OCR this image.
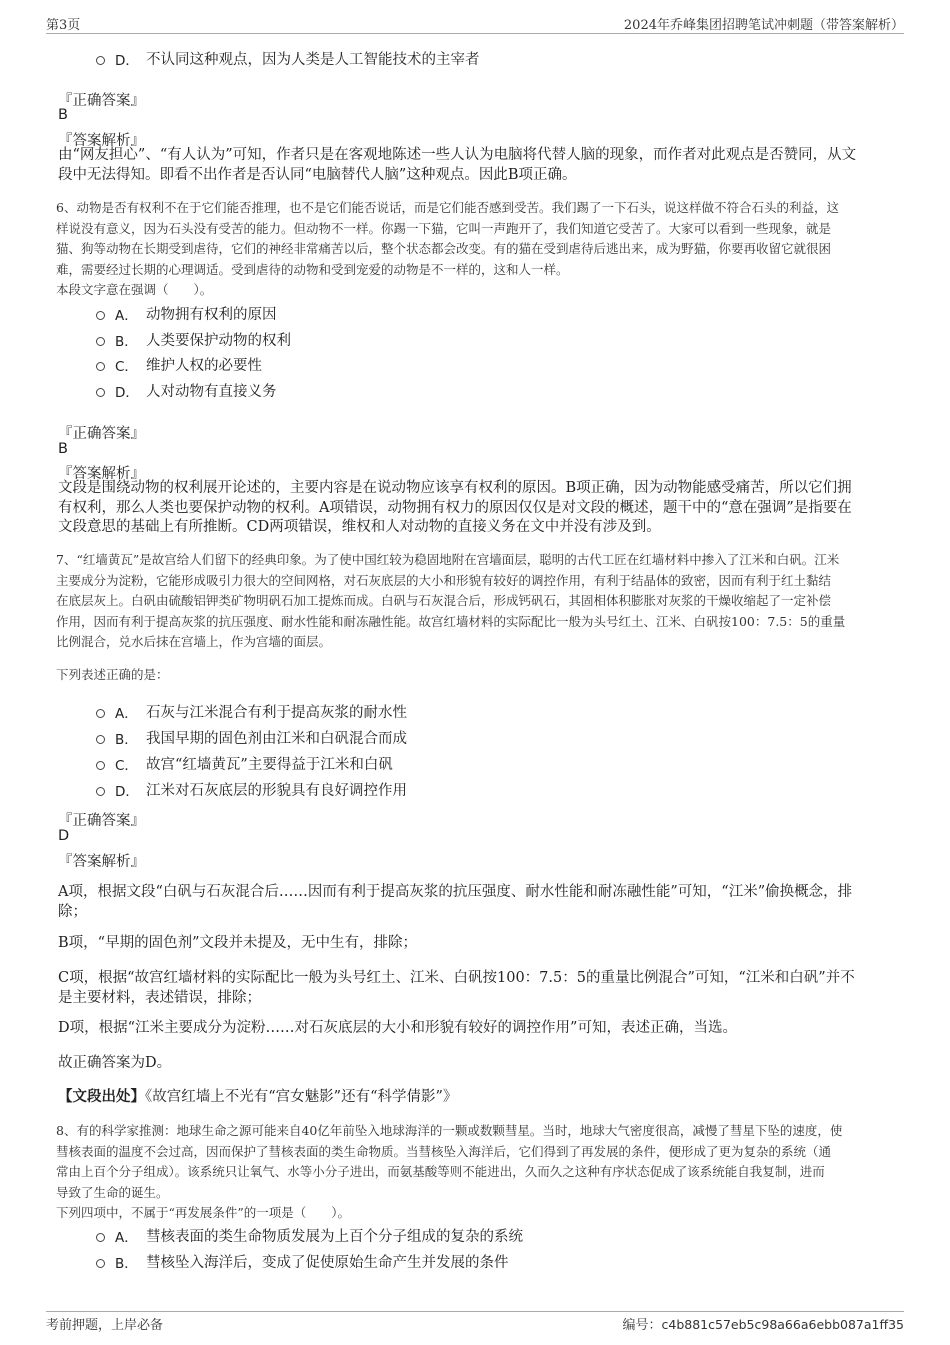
第3页	2024年乔峰集团招聘笔试冲刺题（带答案解析）
D． 不认同这种观点，因为人类是人工智能技术的主宰者
『正确答案』
B
『答案解析』
由“网友担心”、“有人认为”可知，作者只是在客观地陈述一些人认为电脑将代替人脑的现象，而作者对此观点是否赞同，从文
段中无法得知。即看不出作者是否认同“电脑替代人脑”这种观点。因此B项正确。
6、动物是否有权利不在于它们能否推理，也不是它们能否说话，而是它们能否感到受苦。我们踢了一下石头，说这样做不符合石头的利益，这
样说没有意义，因为石头没有受苦的能力。但动物不一样。你踢一下猫，它叫一声跑开了，我们知道它受苦了。大家可以看到一些现象，就是
猫、狗等动物在长期受到虐待，它们的神经非常痛苦以后，整个状态都会改变。有的猫在受到虐待后逃出来，成为野猫，你要再收留它就很困
难，需要经过长期的心理调适。受到虐待的动物和受到宠爱的动物是不一样的，这和人一样。
本段文字意在强调（　　）。
A． 动物拥有权利的原因
B． 人类要保护动物的权利
C． 维护人权的必要性
D． 人对动物有直接义务
『正确答案』
B
『答案解析』
文段是围绕动物的权利展开论述的，主要内容是在说动物应该享有权利的原因。B项正确，因为动物能感受痛苦，所以它们拥
有权利，那么人类也要保护动物的权利。A项错误，动物拥有权力的原因仅仅是对文段的概述，题干中的“意在强调”是指要在
文段意思的基础上有所推断。CD两项错误，维权和人对动物的直接义务在文中并没有涉及到。
7、“红墙黄瓦”是故宫给人们留下的经典印象。为了使中国红较为稳固地附在宫墙面层，聪明的古代工匠在红墙材料中掺入了江米和白矾。江米
主要成分为淀粉，它能形成吸引力很大的空间网格，对石灰底层的大小和形貌有较好的调控作用，有利于结晶体的致密，因而有利于红土黏结
在底层灰上。白矾由硫酸铝钾类矿物明矾石加工提炼而成。白矾与石灰混合后，形成钙矾石，其固相体积膨胀对灰浆的干燥收缩起了一定补偿
作用，因而有利于提高灰浆的抗压强度、耐水性能和耐冻融性能。故宫红墙材料的实际配比一般为头号红土、江米、白矾按100：7.5：5的重量
比例混合，兑水后抹在宫墙上，作为宫墙的面层。
下列表述正确的是：
A． 石灰与江米混合有利于提高灰浆的耐水性
B． 我国早期的固色剂由江米和白矾混合而成
C． 故宫“红墙黄瓦”主要得益于江米和白矾
D． 江米对石灰底层的形貌具有良好调控作用
『正确答案』
D
『答案解析』
A项，根据文段“白矾与石灰混合后……因而有利于提高灰浆的抗压强度、耐水性能和耐冻融性能”可知，“江米”偷换概念，排
除；
B项，“早期的固色剂”文段并未提及，无中生有，排除；
C项，根据“故宫红墙材料的实际配比一般为头号红土、江米、白矾按100：7.5：5的重量比例混合”可知，“江米和白矾”并不
是主要材料，表述错误，排除；
D项，根据“江米主要成分为淀粉……对石灰底层的大小和形貌有较好的调控作用”可知，表述正确，当选。
故正确答案为D。
【文段出处】《故宫红墙上不光有“宫女魅影”还有“科学倩影”》
8、有的科学家推测：地球生命之源可能来自40亿年前坠入地球海洋的一颗或数颗彗星。当时，地球大气密度很高，减慢了彗星下坠的速度，使
彗核表面的温度不会过高，因而保护了彗核表面的类生命物质。当彗核坠入海洋后，它们得到了再发展的条件，便形成了更为复杂的系统（通
常由上百个分子组成）。该系统只让氧气、水等小分子进出，而氨基酸等则不能进出，久而久之这种有序状态促成了该系统能自我复制，进而
导致了生命的诞生。
下列四项中，不属于“再发展条件”的一项是（　　）。
A． 彗核表面的类生命物质发展为上百个分子组成的复杂的系统
B． 彗核坠入海洋后，变成了促使原始生命产生并发展的条件
考前押题，上岸必备	编号：c4b881c57eb5c98a66a6ebb087a1ff35
